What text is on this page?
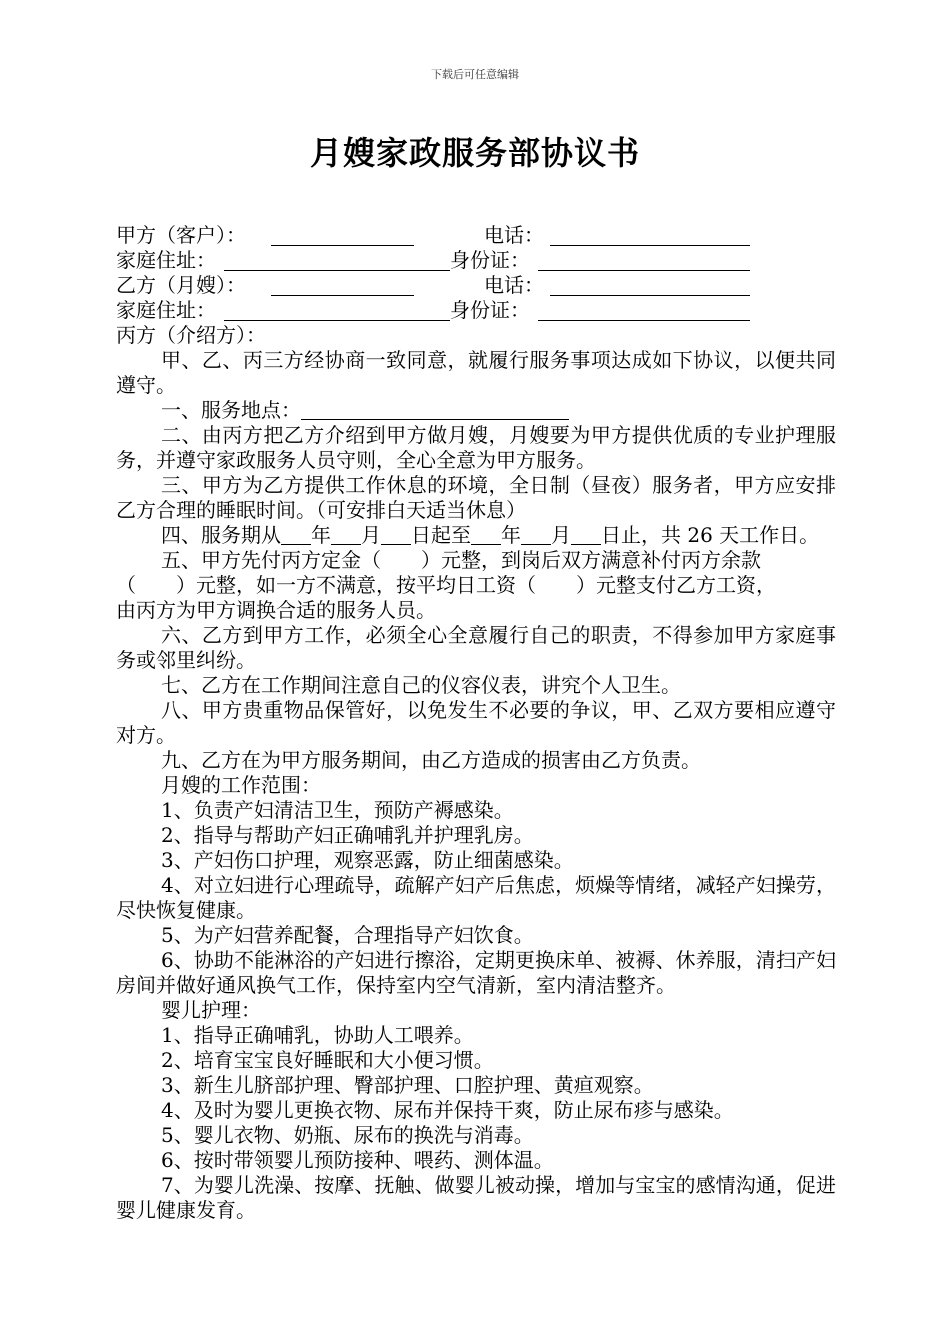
下载后可任意编辑
月嫂家政服务部协议书
甲方（客户）：	电话：
家庭住址：	身份证：
乙方（月嫂）：	电话：
家庭住址：	身份证：
丙方（介绍方）：
甲、乙、丙三方经协商一致同意，就履行服务事项达成如下协议，以便共同遵守。
一、服务地点：
二、由丙方把乙方介绍到甲方做月嫂，月嫂要为甲方提供优质的专业护理服务，并遵守家政服务人员守则，全心全意为甲方服务。
三、甲方为乙方提供工作休息的环境，全日制（昼夜）服务者，甲方应安排乙方合理的睡眠时间。（可安排白天适当休息）
四、服务期从 年 月 日起至 年 月 日止，共 26 天工作日。
五、甲方先付丙方定金（　　）元整，到岗后双方满意补付丙方余款
（　　）元整，如一方不满意，按平均日工资（　　）元整支付乙方工资，
由丙方为甲方调换合适的服务人员。
六、乙方到甲方工作，必须全心全意履行自己的职责，不得参加甲方家庭事务或邻里纠纷。
七、乙方在工作期间注意自己的仪容仪表，讲究个人卫生。
八、甲方贵重物品保管好，以免发生不必要的争议，甲、乙双方要相应遵守对方。
九、乙方在为甲方服务期间，由乙方造成的损害由乙方负责。
月嫂的工作范围：
1、负责产妇清洁卫生，预防产褥感染。
2、指导与帮助产妇正确哺乳并护理乳房。
3、产妇伤口护理，观察恶露，防止细菌感染。
4、对立妇进行心理疏导，疏解产妇产后焦虑，烦燥等情绪，减轻产妇操劳，尽快恢复健康。
5、为产妇营养配餐，合理指导产妇饮食。
6、协助不能淋浴的产妇进行擦浴，定期更换床单、被褥、休养服，清扫产妇房间并做好通风换气工作，保持室内空气清新，室内清洁整齐。
婴儿护理：
1、指导正确哺乳，协助人工喂养。
2、培育宝宝良好睡眠和大小便习惯。
3、新生儿脐部护理、臀部护理、口腔护理、黄疸观察。
4、及时为婴儿更换衣物、尿布并保持干爽，防止尿布疹与感染。
5、婴儿衣物、奶瓶、尿布的换洗与消毒。
6、按时带领婴儿预防接种、喂药、测体温。
7、为婴儿洗澡、按摩、抚触、做婴儿被动操，增加与宝宝的感情沟通，促进婴儿健康发育。
